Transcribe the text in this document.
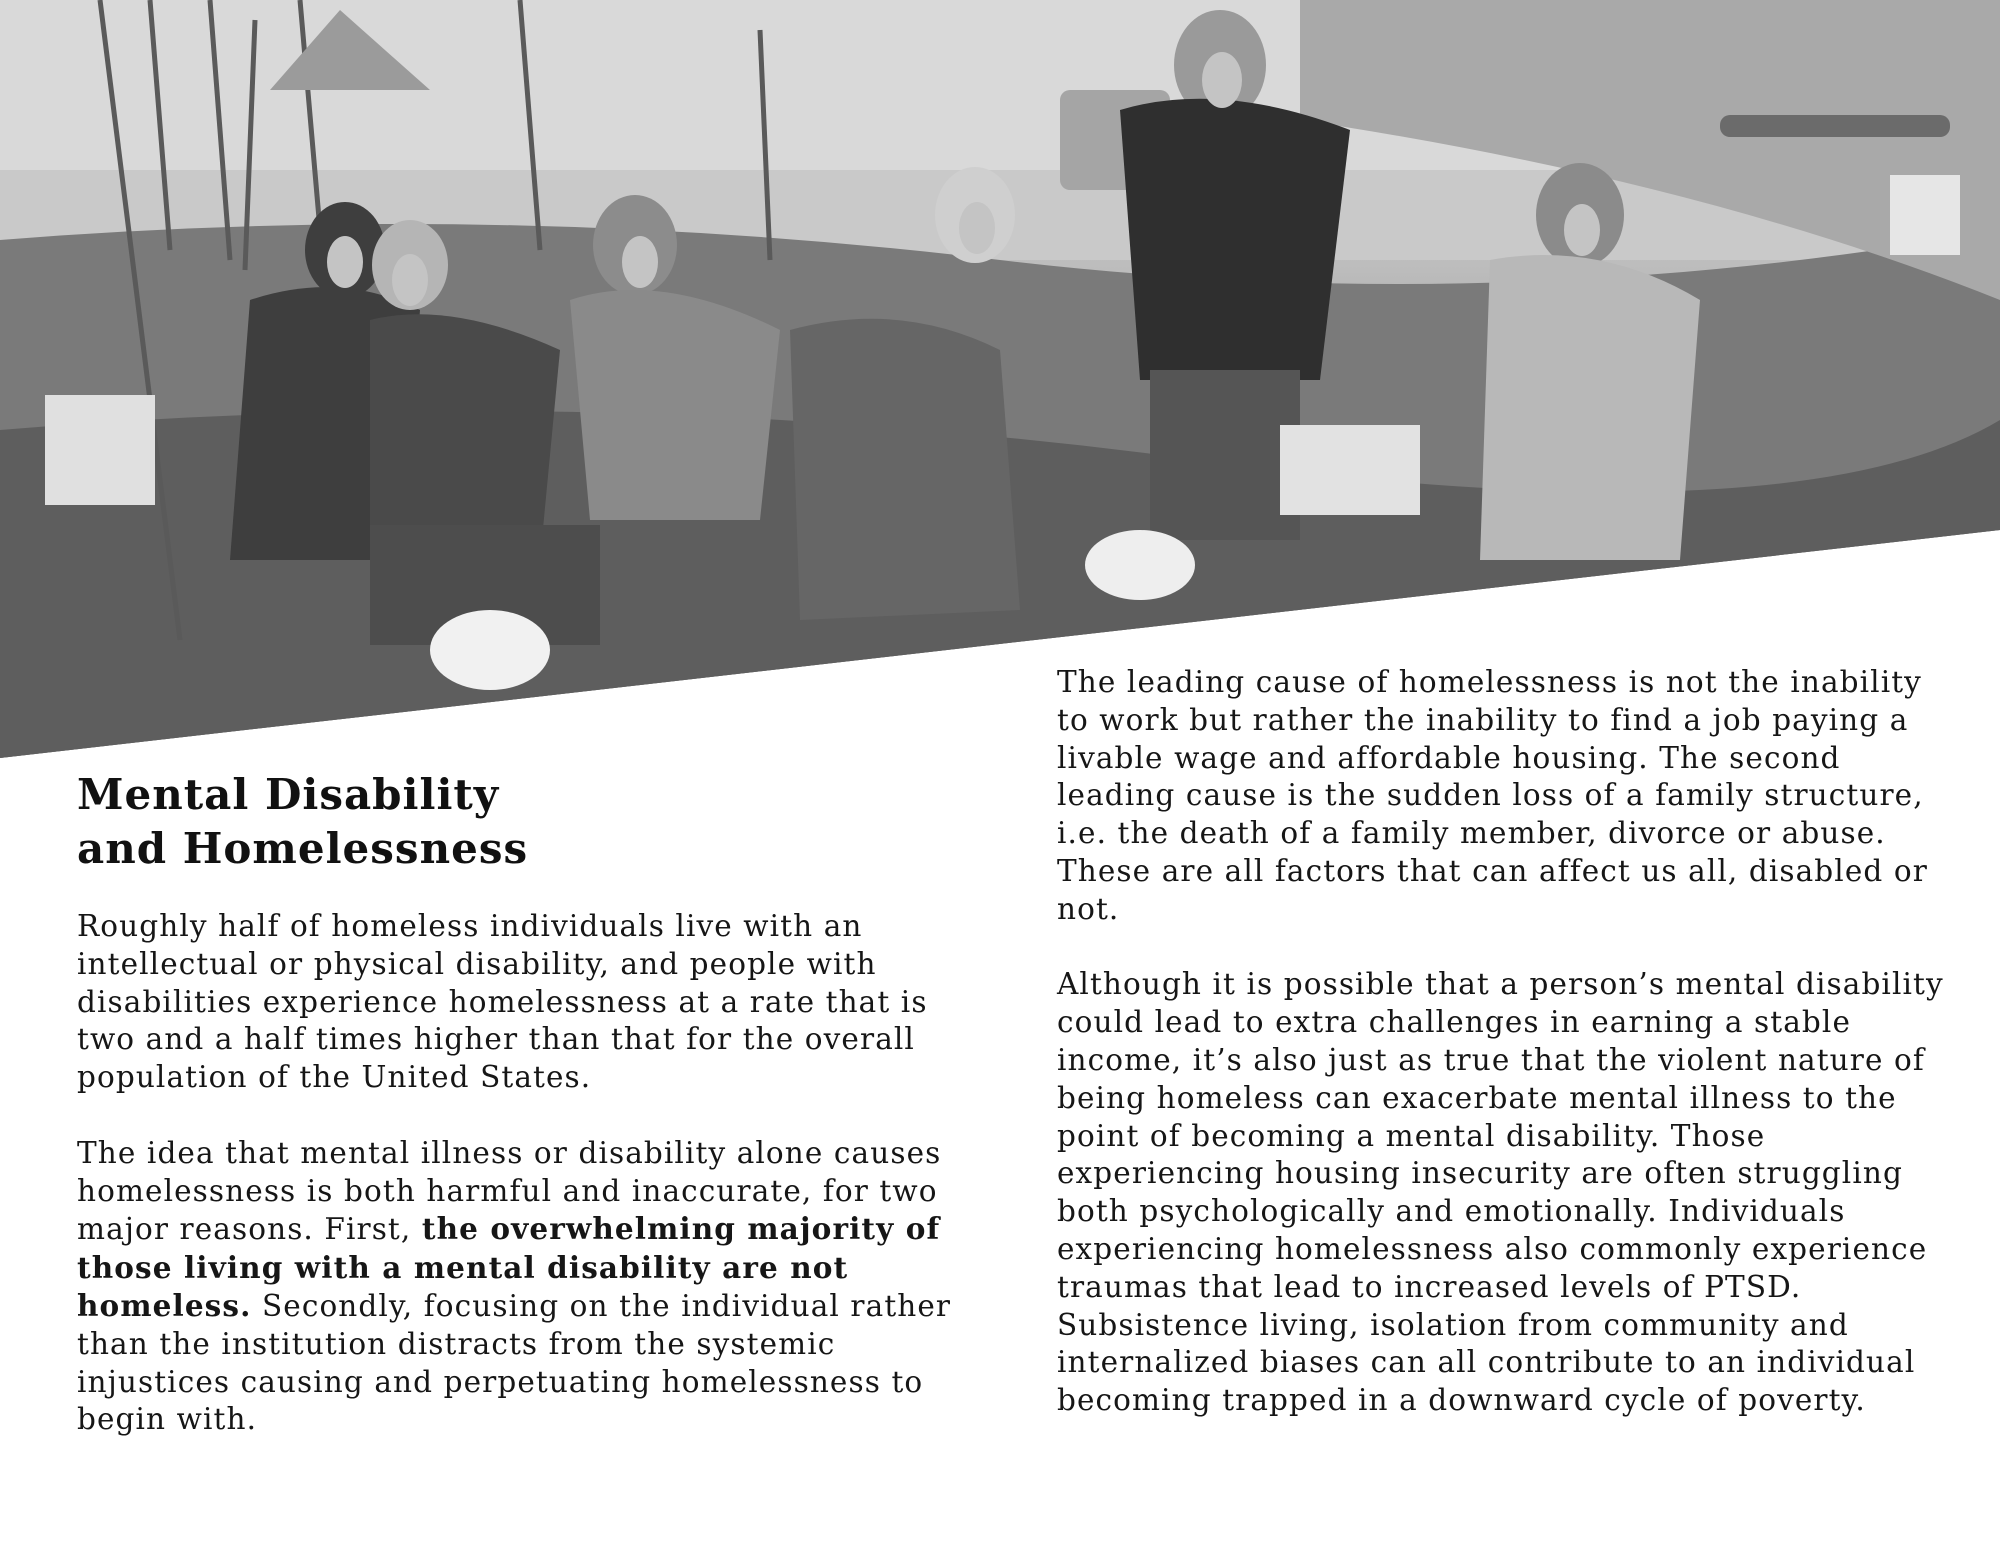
Mental Disability
and Homelessness

Roughly half of homeless individuals live with an
intellectual or physical disability, and people with
disabilities experience homelessness at a rate that is
two and a half times higher than that for the overall
population of the United States.

The idea that mental illness or disability alone causes
homelessness is both harmful and inaccurate, for two
major reasons. First, the overwhelming majority of
those living with a mental disability are not
homeless. Secondly, focusing on the individual rather
than the institution distracts from the systemic
injustices causing and perpetuating homelessness to
begin with.

The leading cause of homelessness is not the inability
to work but rather the inability to find a job paying a
livable wage and affordable housing. The second
leading cause is the sudden loss of a family structure,
i.e. the death of a family member, divorce or abuse.
These are all factors that can affect us all, disabled or
not.

Although it is possible that a person’s mental disability
could lead to extra challenges in earning a stable
income, it’s also just as true that the violent nature of
being homeless can exacerbate mental illness to the
point of becoming a mental disability. Those
experiencing housing insecurity are often struggling
both psychologically and emotionally. Individuals
experiencing homelessness also commonly experience
traumas that lead to increased levels of PTSD.
Subsistence living, isolation from community and
internalized biases can all contribute to an individual
becoming trapped in a downward cycle of poverty.
